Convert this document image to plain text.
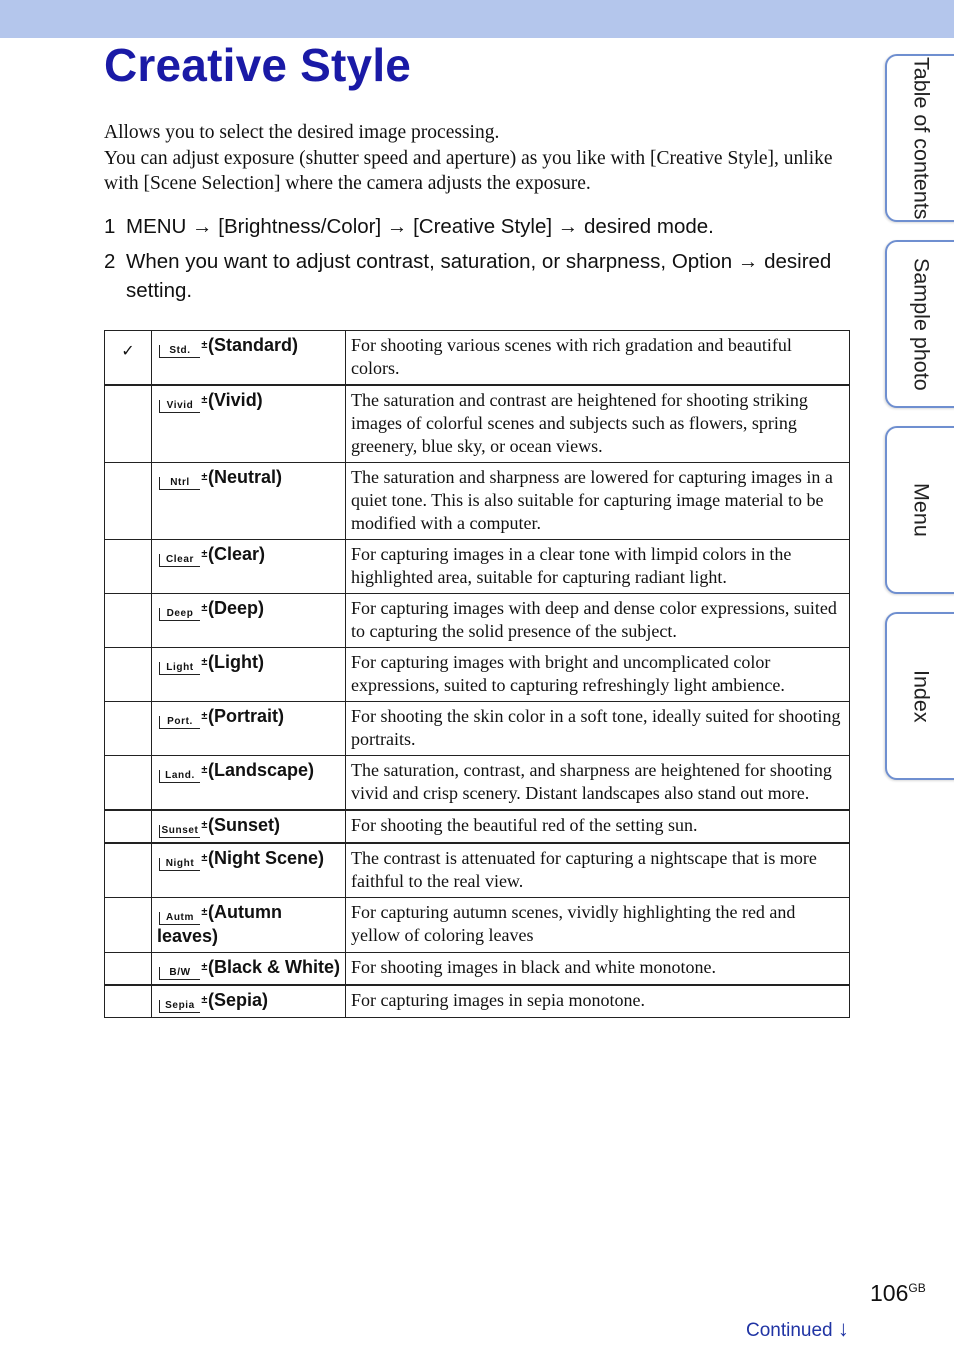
Creative Style

Allows you to select the desired image processing.

You can adjust exposure (shutter speed and aperture) as you like with [Creative Style], unlike with [Scene Selection] where the camera adjusts the exposure.

1 MENU → [Brightness/Color] → [Creative Style] → desired mode.
2 When you want to adjust contrast, saturation, or sharpness, Option → desired setting.
✓	Std. ± (Standard)	For shooting various scenes with rich gradation and beautiful colors.
	Vivid ± (Vivid)	The saturation and contrast are heightened for shooting striking images of colorful scenes and subjects such as flowers, spring greenery, blue sky, or ocean views.
	Ntrl ± (Neutral)	The saturation and sharpness are lowered for capturing images in a quiet tone. This is also suitable for capturing image material to be modified with a computer.
	Clear ± (Clear)	For capturing images in a clear tone with limpid colors in the highlighted area, suitable for capturing radiant light.
	Deep ± (Deep)	For capturing images with deep and dense color expressions, suited to capturing the solid presence of the subject.
	Light ± (Light)	For capturing images with bright and uncomplicated color expressions, suited to capturing refreshingly light ambience.
	Port. ± (Portrait)	For shooting the skin color in a soft tone, ideally suited for shooting portraits.
	Land. ± (Landscape)	The saturation, contrast, and sharpness are heightened for shooting vivid and crisp scenery. Distant landscapes also stand out more.
	Sunset ± (Sunset)	For shooting the beautiful red of the setting sun.
	Night ± (Night Scene)	The contrast is attenuated for capturing a nightscape that is more faithful to the real view.
	Autm ± (Autumn leaves)	For capturing autumn scenes, vividly highlighting the red and yellow of coloring leaves
	B/W ± (Black & White)	For shooting images in black and white monotone.
	Sepia ± (Sepia)	For capturing images in sepia monotone.
Table of contents
Sample photo
Menu
Index
$106^{GB}$
Continued ↓
